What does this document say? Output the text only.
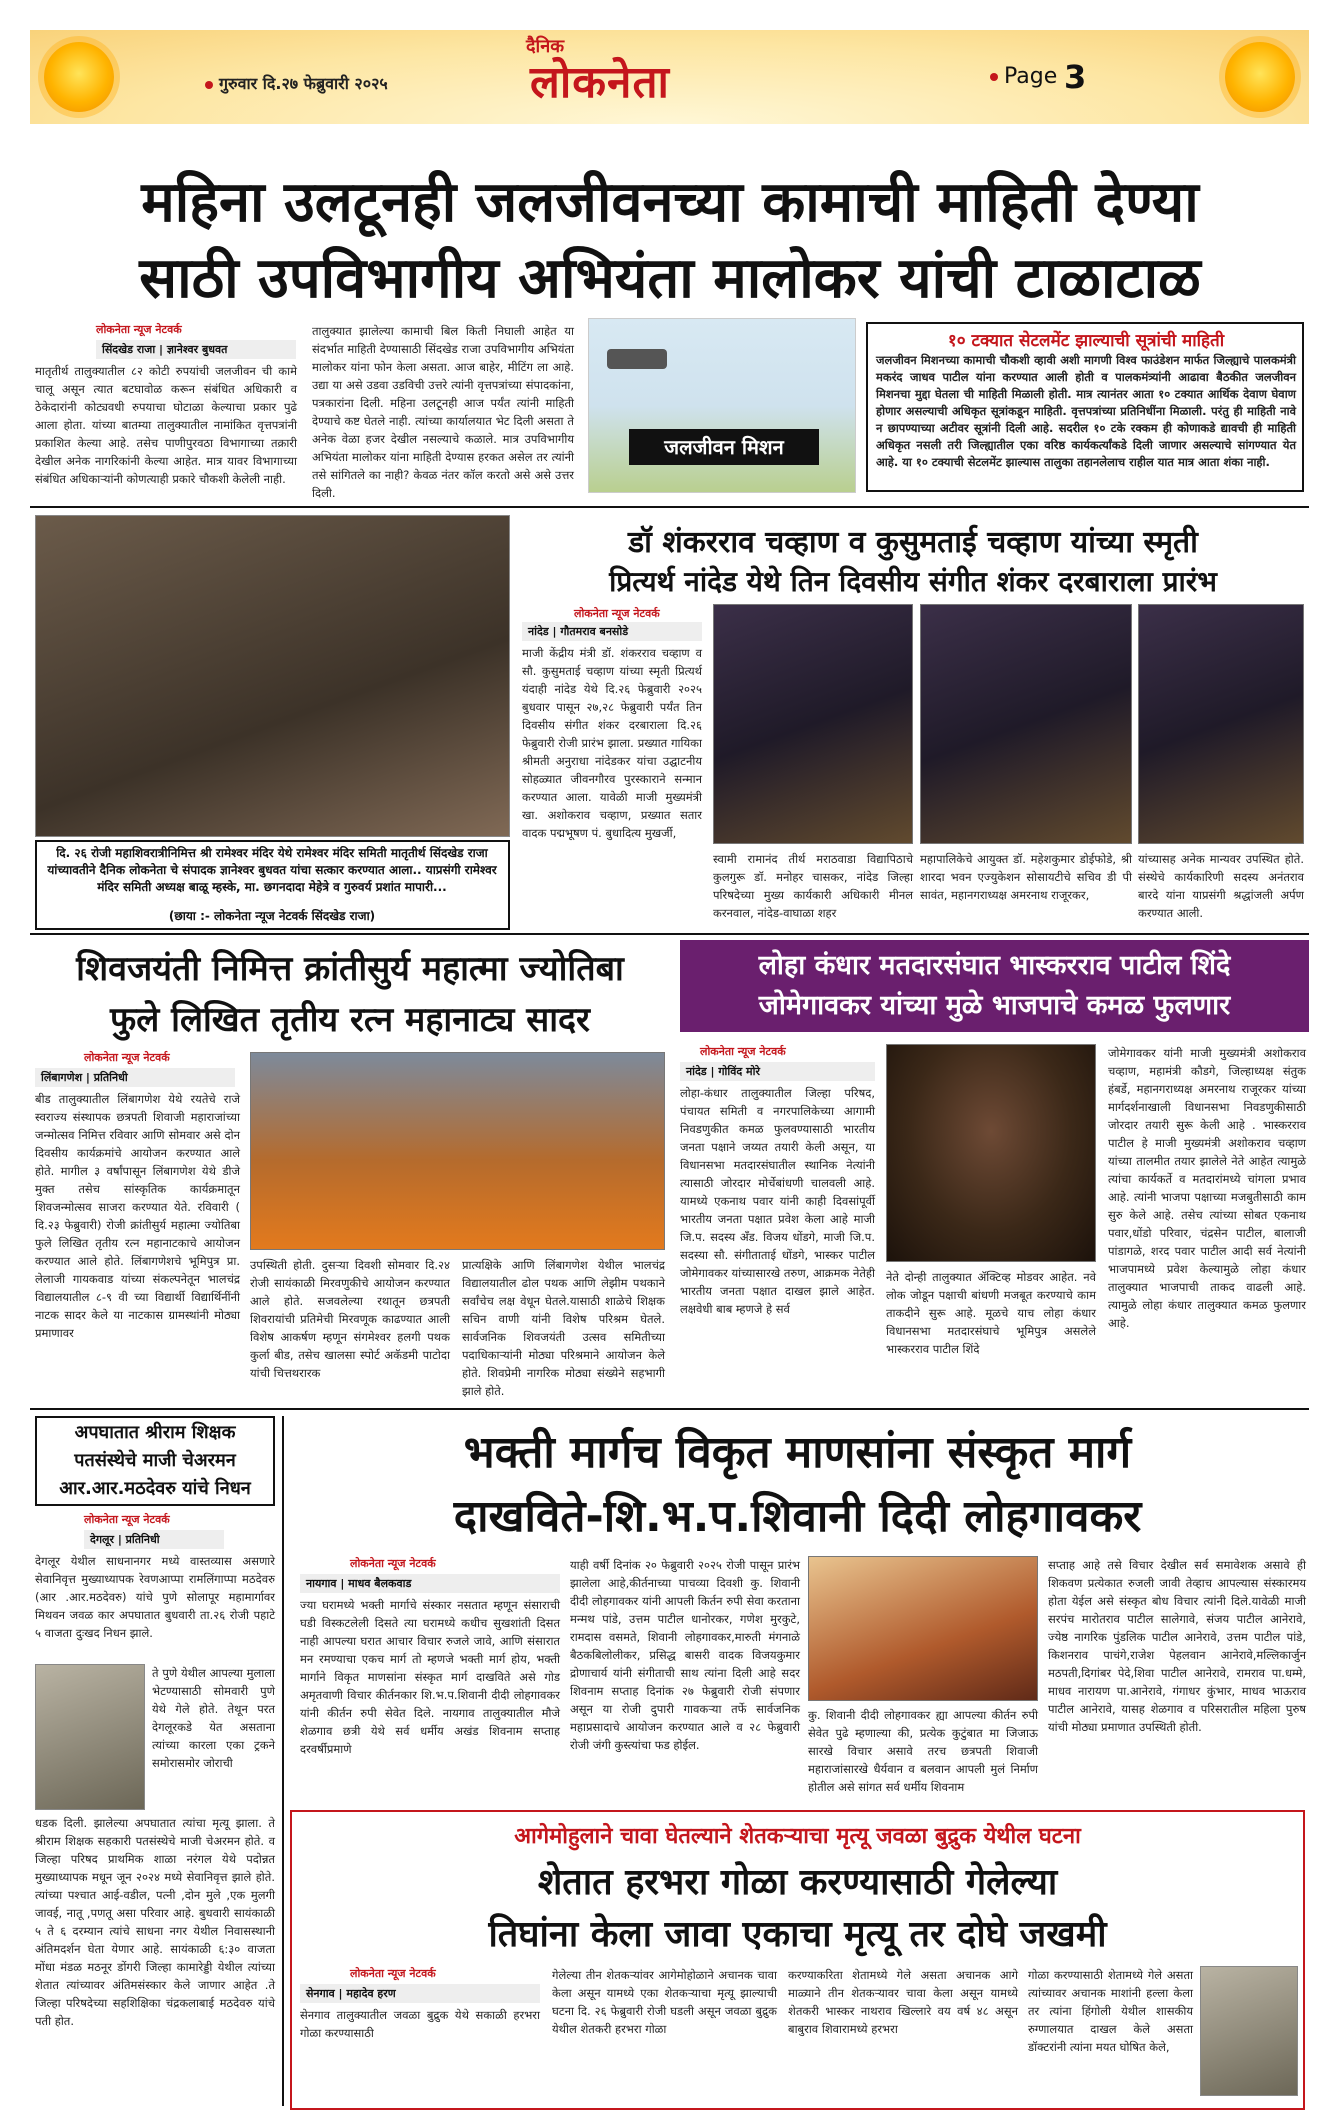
गुरुवार दि.२७ फेब्रुवारी २०२५
दैनिक
लोकनेता	Page 3
महिना उलटूनही जलजीवनच्या कामाची माहिती देण्या
साठी उपविभागीय अभियंता मालोकर यांची टाळाटाळ
लोकनेता न्यूज नेटवर्क
सिंदखेड राजा | ज्ञानेश्वर बुधवत
मातृतीर्थ तालुक्यातील ८२ कोटी रुपयांची जलजीवन ची कामे चालू असून त्यात बटघावोळ करून संबंधित अधिकारी व ठेकेदारांनी कोट्यवधी रुपयाचा घोटाळा केल्याचा प्रकार पुढे आला होता. यांच्या बातम्या तालुक्यातील नामांकित वृत्तपत्रांनी प्रकाशित केल्या आहे. तसेच पाणीपुरवठा विभागाच्या तक्रारी देखील अनेक नागरिकांनी केल्या आहेत. मात्र यावर विभागाच्या संबंधित अधिकाऱ्यांनी कोणत्याही प्रकारे चौकशी केलेली नाही.
तालुक्यात झालेल्या कामाची बिल किती निघाली आहेत या संदर्भात माहिती देण्यासाठी सिंदखेड राजा उपविभागीय अभियंता मालोकर यांना फोन केला असता. आज बाहेर, मीटिंग ला आहे. उद्या या असे उडवा उडविची उत्तरे त्यांनी वृत्तपत्रांच्या संपादकांना, पत्रकारांना दिली. महिना उलटूनही आज पर्यंत त्यांनी माहिती देण्याचे कष्ट घेतले नाही. त्यांच्या कार्यालयात भेट दिली असता ते अनेक वेळा हजर देखील नसल्याचे कळाले. मात्र उपविभागीय अभियंता मालोकर यांना माहिती देण्यास हरकत असेल तर त्यांनी तसे सांगितले का नाही? केवळ नंतर कॉल करतो असे असे उत्तर दिली.
जलजीवन मिशन
१० टक्यात सेटलमेंट झाल्याची सूत्रांची माहिती
जलजीवन मिशनच्या कामाची चौकशी व्हावी अशी मागणी विश्व फाउंडेशन मार्फत जिल्ह्याचे पालकमंत्री मकरंद जाधव पाटील यांना करण्यात आली होती व पालकमंत्र्यांनी आढावा बैठकीत जलजीवन मिशनचा मुद्दा घेतला ची माहिती मिळाली होती. मात्र त्यानंतर आता १० टक्यात आर्थिक देवाण घेवाण होणार असल्याची अधिकृत सूत्रांकडून माहिती. वृत्तपत्रांच्या प्रतिनिधींना मिळाली. परंतु ही माहिती नावे न छापण्याच्या अटीवर सूत्रांनी दिली आहे. सदरील १० टके रक्कम ही कोणाकडे द्यावची ही माहिती अधिकृत नसली तरी जिल्ह्यातील एका वरिष्ठ कार्यकर्त्यांकडे दिली जाणार असल्याचे सांगण्यात येत आहे. या १० टक्याची सेटलमेंट झाल्यास तालुका तहानलेलाच राहील यात मात्र आता शंका नाही.
दि. २६ रोजी महाशिवरात्रीनिमित्त श्री रामेश्वर मंदिर येथे रामेश्वर मंदिर समिती मातृतीर्थ सिंदखेड राजा यांच्यावतीने दैनिक लोकनेता चे संपादक ज्ञानेश्वर बुधवत यांचा सत्कार करण्यात आला.. याप्रसंगी रामेश्वर मंदिर समिती अध्यक्ष बाळू म्हस्के, मा. छगनदादा मेहेत्रे व गुरुवर्य प्रशांत मापारी...
(छाया :- लोकनेता न्यूज नेटवर्क सिंदखेड राजा)
डॉ शंकरराव चव्हाण व कुसुमताई चव्हाण यांच्या स्मृती
प्रित्यर्थ नांदेड येथे तिन दिवसीय संगीत शंकर दरबाराला प्रारंभ
लोकनेता न्यूज नेटवर्क
नांदेड | गौतमराव बनसोडे
माजी केंद्रीय मंत्री डॉ. शंकरराव चव्हाण व सौ. कुसुमताई चव्हाण यांच्या स्मृती प्रित्यर्थ यंदाही नांदेड येथे दि.२६ फेब्रुवारी २०२५ बुधवार पासून २७,२८ फेब्रुवारी पर्यंत तिन दिवसीय संगीत शंकर दरबाराला दि.२६ फेब्रुवारी रोजी प्रारंभ झाला. प्रख्यात गायिका श्रीमती अनुराधा नांदेडकर यांचा उद्घाटनीय सोहळ्यात जीवनगौरव पुरस्काराने सन्मान करण्यात आला. यावेळी माजी मुख्यमंत्री खा. अशोकराव चव्हाण, प्रख्यात सतार वादक पद्मभूषण पं. बुधादित्य मुखर्जी,
स्वामी रामानंद तीर्थ मराठवाडा विद्यापिठाचे कुलगुरू डॉ. मनोहर चासकर, नांदेड जिल्हा परिषदेच्या मुख्य कार्यकारी अधिकारी मीनल करनवाल, नांदेड-वाघाळा शहर
महापालिकेचे आयुक्त डॉ. महेशकुमार डोईफोडे, श्री शारदा भवन एज्युकेशन सोसायटीचे सचिव डी पी सावंत, महानगराध्यक्ष अमरनाथ राजूरकर,
यांच्यासह अनेक मान्यवर उपस्थित होते. संस्थेचे कार्यकारिणी सदस्य अनंतराव बारदे यांना याप्रसंगी श्रद्धांजली अर्पण करण्यात आली.
शिवजयंती निमित्त क्रांतीसुर्य महात्मा ज्योतिबा
फुले लिखित तृतीय रत्न महानाट्य सादर
लोकनेता न्यूज नेटवर्क
लिंबागणेश | प्रतिनिधी
बीड तालुक्यातील लिंबागणेश येथे रयतेचे राजे स्वराज्य संस्थापक छत्रपती शिवाजी महाराजांच्या जन्मोत्सव निमित्त रविवार आणि सोमवार असे दोन दिवसीय कार्यक्रमांचे आयोजन करण्यात आले होते. मागील ३ वर्षांपासून लिंबागणेश येथे डीजे मुक्त तसेच सांस्कृतिक कार्यक्रमातून शिवजन्मोत्सव साजरा करण्यात येते. रविवारी ( दि.२३ फेब्रुवारी) रोजी क्रांतीसुर्य महात्मा ज्योतिबा फुले लिखित तृतीय रत्न महानाटकाचे आयोजन करण्यात आले होते. लिंबागणेशचे भूमिपुत्र प्रा. लेलाजी गायकवाड यांच्या संकल्पनेतून भालचंद्र विद्यालयातील ८-९ वी च्या विद्यार्थी विद्यार्थिनींनी नाटक सादर केले या नाटकास ग्रामस्थांनी मोठ्या प्रमाणावर
उपस्थिती होती. दुसऱ्या दिवशी सोमवार दि.२४ रोजी सायंकाळी मिरवणुकीचे आयोजन करण्यात आले होते. सजवलेल्या रथातून छत्रपती शिवरायांची प्रतिमेची मिरवणूक काढण्यात आली विशेष आकर्षण म्हणून संगमेश्वर हलगी पथक कुर्ला बीड, तसेच खालसा स्पोर्ट अकॅडमी पाटोदा यांची चित्तथरारक
प्रात्यक्षिके आणि लिंबागणेश येथील भालचंद्र विद्यालयातील ढोल पथक आणि लेझीम पथकाने सर्वांचेच लक्ष वेधून घेतले.यासाठी शाळेचे शिक्षक सचिन वाणी यांनी विशेष परिश्रम घेतले. सार्वजनिक शिवजयंती उत्सव समितीच्या पदाधिकाऱ्यांनी मोठ्या परिश्रमाने आयोजन केले होते. शिवप्रेमी नागरिक मोठ्या संख्येने सहभागी झाले होते.
लोहा कंधार मतदारसंघात भास्करराव पाटील शिंदे
जोमेगावकर यांच्या मुळे भाजपाचे कमळ फुलणार
लोकनेता न्यूज नेटवर्क
नांदेड | गोविंद मोरे
लोहा-कंधार तालुक्यातील जिल्हा परिषद, पंचायत समिती व नगरपालिकेच्या आगामी निवडणुकीत कमळ फुलवण्यासाठी भारतीय जनता पक्षाने जय्यत तयारी केली असून, या विधानसभा मतदारसंघातील स्थानिक नेत्यांनी त्यासाठी जोरदार मोर्चेबांधणी चालवली आहे. यामध्ये एकनाथ पवार यांनी काही दिवसांपूर्वी भारतीय जनता पक्षात प्रवेश केला आहे माजी जि.प. सदस्य अँड. विजय धोंडगे, माजी जि.प. सदस्या सौ. संगीताताई धोंडगे, भास्कर पाटील जोमेगावकर यांच्यासारखे तरुण, आक्रमक नेतेही भारतीय जनता पक्षात दाखल झाले आहेत. लक्षवेधी बाब म्हणजे हे सर्व
नेते दोन्ही तालुक्यात ॲक्टिव्ह मोडवर आहेत. नवे लोक जोडून पक्षाची बांधणी मजबूत करण्याचे काम ताकदीने सुरू आहे. मूळचे याच लोहा कंधार विधानसभा मतदारसंघाचे भूमिपुत्र असलेले भास्करराव पाटील शिंदे
जोमेगावकर यांनी माजी मुख्यमंत्री अशोकराव चव्हाण, महामंत्री कौडगे, जिल्हाध्यक्ष संतुक हंबर्डे, महानगराध्यक्ष अमरनाथ राजूरकर यांच्या मार्गदर्शनाखाली विधानसभा निवडणुकीसाठी जोरदार तयारी सुरू केली आहे . भास्करराव पाटील हे माजी मुख्यमंत्री अशोकराव चव्हाण यांच्या तालमीत तयार झालेले नेते आहेत त्यामुळे त्यांचा कार्यकर्ते व मतदारांमध्ये चांगला प्रभाव आहे. त्यांनी भाजपा पक्षाच्या मजबुतीसाठी काम सुरु केले आहे. तसेच त्यांच्या सोबत एकनाथ पवार,धोंडो परिवार, चंद्रसेन पाटील, बालाजी पांडागळे, शरद पवार पाटील आदी सर्व नेत्यांनी भाजपामध्ये प्रवेश केल्यामुळे लोहा कंधार तालुक्यात भाजपाची ताकद वाढली आहे. त्यामुळे लोहा कंधार तालुक्यात कमळ फुलणार आहे.
अपघातात श्रीराम शिक्षक
पतसंस्थेचे माजी चेअरमन
आर.आर.मठदेवरु यांचे निधन
लोकनेता न्यूज नेटवर्क
देगलूर | प्रतिनिधी
देगलूर येथील साधनानगर मध्ये वास्तव्यास असणारे सेवानिवृत्त मुख्याध्यापक रेवणआप्पा रामलिंगाप्पा मठदेवरु (आर .आर.मठदेवरु) यांचे पुणे सोलापूर महामार्गावर मिथवन जवळ कार अपघातात बुधवारी ता.२६ रोजी पहाटे ५ वाजता दुःखद निधन झाले.
ते पुणे येथील आपल्या मुलाला भेटण्यासाठी सोमवारी पुणे येथे गेले होते. तेथून परत देगलूरकडे येत असताना त्यांच्या कारला एका ट्रकने समोरासमोर जोराची
धडक दिली. झालेल्या अपघातात त्यांचा मृत्यू झाला. ते श्रीराम शिक्षक सहकारी पतसंस्थेचे माजी चेअरमन होते. व जिल्हा परिषद प्राथमिक शाळा नरंगल येथे पदोन्नत मुख्याध्यापक मधून जून २०२४ मध्ये सेवानिवृत्त झाले होते. त्यांच्या पश्चात आई-वडील, पत्नी ,दोन मुले ,एक मुलगी जावई, नातू ,पणतू असा परिवार आहे. बुधवारी सायंकाळी ५ ते ६ दरम्यान त्यांचे साधना नगर येथील निवासस्थानी अंतिमदर्शन घेता येणार आहे. सायंकाळी ६:३० वाजता मोंधा मंडळ मठनूर डोंगरी जिल्हा कामारेड्डी येथील त्यांच्या शेतात त्यांच्यावर अंतिमसंस्कार केले जाणार आहेत .ते जिल्हा परिषदेच्या सहशिक्षिका चंद्रकलाबाई मठदेवरु यांचे पती होत.
भक्ती मार्गच विकृत माणसांना संस्कृत मार्ग
दाखविते-शि.भ.प.शिवानी दिदी लोहगावकर
लोकनेता न्यूज नेटवर्क
नायगाव | माधव बैलकवाड
ज्या घरामध्ये भक्ती मार्गाचे संस्कार नसतात म्हणून संसाराची घडी विस्कटलेली दिसते त्या घरामध्ये कधीच सुखशांती दिसत नाही आपल्या घरात आचार विचार रुजले जावे, आणि संसारात मन रमण्याचा एकच मार्ग तो म्हणजे भक्ती मार्ग होय, भक्ती मार्गाने विकृत माणसांना संस्कृत मार्ग दाखविते असे गोड अमृतवाणी विचार कीर्तनकार शि.भ.प.शिवानी दीदी लोहगावकर यांनी कीर्तन रुपी सेवेत दिले. नायगाव तालुक्यातील मौजे शेळगाव छत्री येथे सर्व धर्मीय अखंड शिवनाम सप्ताह दरवर्षीप्रमाणे
याही वर्षी दिनांक २० फेब्रुवारी २०२५ रोजी पासून प्रारंभ झालेला आहे,कीर्तनाच्या पाचव्या दिवशी कु. शिवानी दीदी लोहगावकर यांनी आपली किर्तन रुपी सेवा करताना मन्मथ पांडे, उत्तम पाटील धानोरकर, गणेश मुरकुटे, रामदास वसमते, शिवानी लोहगावकर,मारुती मंगनाळे बैठकबिलोलीकर, प्रसिद्ध बासरी वादक विजयकुमार द्रोणाचार्य यांनी संगीताची साथ त्यांना दिली आहे सदर शिवनाम सप्ताह दिनांक २७ फेब्रुवारी रोजी संपणार असून या रोजी दुपारी गावकऱ्या तर्फे सार्वजनिक महाप्रसादाचे आयोजन करण्यात आले व २८ फेब्रुवारी रोजी जंगी कुस्त्यांचा फड होईल.
कु. शिवानी दीदी लोहगावकर ह्या आपल्या कीर्तन रुपी सेवेत पुढे म्हणाल्या की, प्रत्येक कुटुंबात मा जिजाऊ सारखे विचार असावे तरच छत्रपती शिवाजी महाराजांसारखे धैर्यवान व बलवान आपली मुलं निर्माण होतील असे सांगत सर्व धर्मीय शिवनाम
सप्ताह आहे तसे विचार देखील सर्व समावेशक असावे ही शिकवण प्रत्येकात रुजली जावी तेव्हाच आपल्यास संस्कारमय होता येईल असे संस्कृत बोध विचार त्यांनी दिले.यावेळी माजी सरपंच मारोतराव पाटील सालेगावे, संजय पाटील आनेरावे, ज्येष्ठ नागरिक पुंडलिक पाटील आनेरावे, उत्तम पाटील पांडे, किशनराव पाचंगे,राजेश पेहलवान आनेरावे,मल्लिकार्जुन मठपती,दिगांबर पेदे,शिवा पाटील आनेरावे, रामराव पा.धम्मे, माधव नारायण पा.आनेरावे, गंगाधर कुंभार, माधव भाऊराव पाटील आनेरावे, यासह शेळगाव व परिसरातील महिला पुरुष यांची मोठ्या प्रमाणात उपस्थिती होती.
आगेमोहुलाने चावा घेतल्याने शेतकऱ्याचा मृत्यू जवळा बुद्रुक येथील घटना
शेतात हरभरा गोळा करण्यासाठी गेलेल्या
तिघांना केला जावा एकाचा मृत्यू तर दोघे जखमी
लोकनेता न्यूज नेटवर्क
सेनगाव | महादेव हरण
सेनगाव तालुक्यातील जवळा बुद्रुक येथे सकाळी हरभरा गोळा करण्यासाठी
गेलेल्या तीन शेतकऱ्यांवर आगेमोहोळाने अचानक चावा केला असून यामध्ये एका शेतकऱ्याचा मृत्यू झाल्याची घटना दि. २६ फेब्रुवारी रोजी घडली असून जवळा बुद्रुक येथील शेतकरी हरभरा गोळा
करण्याकरिता शेतामध्ये गेले असता अचानक आगे माळ्याने तीन शेतकऱ्यावर चावा केला असून यामध्ये शेतकरी भास्कर नाथराव खिल्लारे वय वर्ष ४८ असून बाबुराव शिवारामध्ये हरभरा
गोळा करण्यासाठी शेतामध्ये गेले असता त्यांच्यावर अचानक माशांनी हल्ला केला तर त्यांना हिंगोली येथील शासकीय रुग्णालयात दाखल केले असता डॉक्टरांनी त्यांना मयत घोषित केले,
